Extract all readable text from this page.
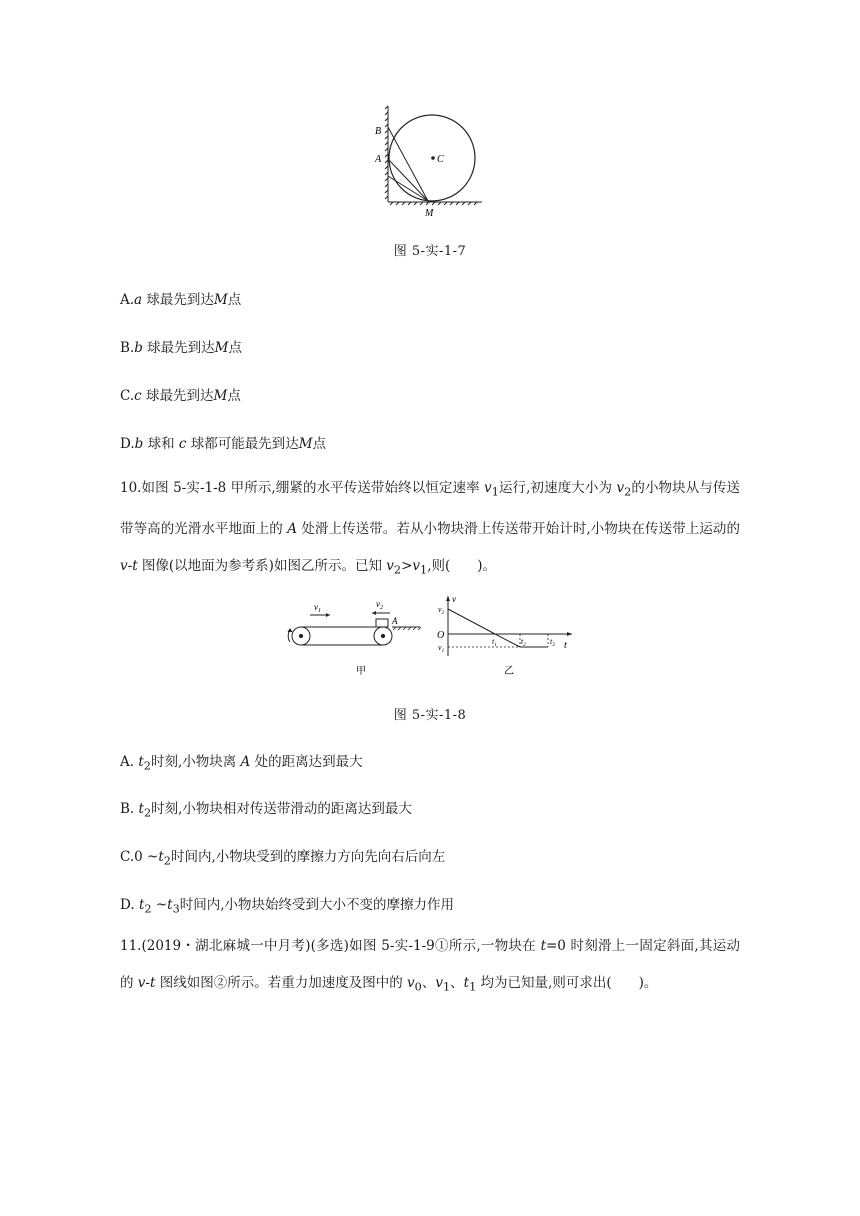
B
A	C
M
图 5-实-1-7
A.a 球最先到达M点
B.b 球最先到达M点
C.c 球最先到达M点
D.b 球和 c 球都可能最先到达M点
10.如图 5-实-1-8 甲所示,绷紧的水平传送带始终以恒定速率 $v_1$运行,初速度大小为 $v_2$的小物块从与传送带等高的光滑水平地面上的 A 处滑上传送带。若从小物块滑上传送带开始计时,小物块在传送带上运动的 v-t 图像(以地面为参考系)如图乙所示。已知 $v_2>v_1$,则(　　)。
$v_1$
$v_2$
A
甲
v
t
O
$v_2$
$v_1$
$t_1$	$t_2$	$t_3$
乙
图 5-实-1-8
A. $t_2$时刻,小物块离 A 处的距离达到最大
B. $t_2$时刻,小物块相对传送带滑动的距离达到最大
C.0 $\sim t_2$时间内,小物块受到的摩擦力方向先向右后向左
D. $t_2$ $\sim t_3$时间内,小物块始终受到大小不变的摩擦力作用
11.(2019・湖北麻城一中月考)(多选)如图 5-实-1-9①所示,一物块在 t=0 时刻滑上一固定斜面,其运动的 v-t 图线如图②所示。若重力加速度及图中的 $v_0$、$v_1$、$t_1$ 均为已知量,则可求出(　　)。
